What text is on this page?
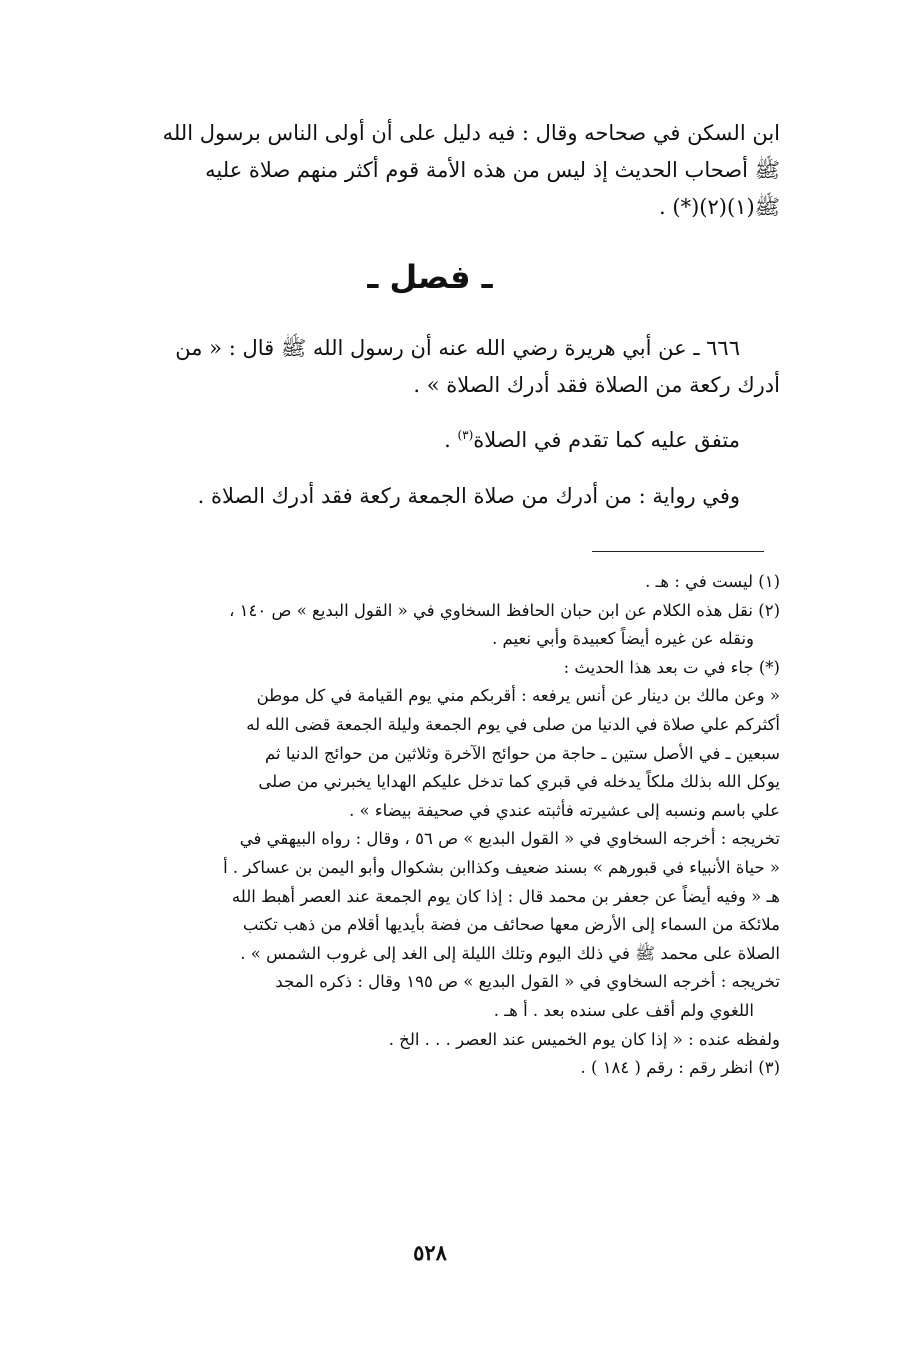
ابن السكن في صحاحه وقال : فيه دليل على أن أولى الناس برسول الله

ﷺ أصحاب الحديث إذ ليس من هذه الأمة قوم أكثر منهم صلاة عليه

ﷺ(١)(٢)(*) .

ـ فصل ـ

٦٦٦ ـ عن أبي هريرة رضي الله عنه أن رسول الله ﷺ قال : « من

أدرك ركعة من الصلاة فقد أدرك الصلاة » .

متفق عليه كما تقدم في الصلاة$^{(٣)}$ .

وفي رواية : من أدرك من صلاة الجمعة ركعة فقد أدرك الصلاة .

(١) ليست في : هـ .

(٢) نقل هذه الكلام عن ابن حبان الحافظ السخاوي في « القول البديع » ص ١٤٠ ،

ونقله عن غيره أيضاً كعبيدة وأبي نعيم .

(*) جاء في ت بعد هذا الحديث :

« وعن مالك بن دينار عن أنس يرفعه : أقربكم مني يوم القيامة في كل موطن

أكثركم علي صلاة في الدنيا من صلى في يوم الجمعة وليلة الجمعة قضى الله له

سبعين ـ في الأصل ستين ـ حاجة من حوائج الآخرة وثلاثين من حوائج الدنيا ثم

يوكل الله بذلك ملكاً يدخله في قبري كما تدخل عليكم الهدايا يخبرني من صلى

علي باسم ونسبه إلى عشيرته فأثبته عندي في صحيفة بيضاء » .

تخريجه : أخرجه السخاوي في « القول البديع » ص ٥٦ ، وقال : رواه البيهقي في

« حياة الأنبياء في قبورهم » بسند ضعيف وكذاابن بشكوال وأبو اليمن بن عساكر . أ

هـ « وفيه أيضاً عن جعفر بن محمد قال : إذا كان يوم الجمعة عند العصر أهبط الله

ملائكة من السماء إلى الأرض معها صحائف من فضة بأيديها أقلام من ذهب تكتب

الصلاة على محمد ﷺ في ذلك اليوم وتلك الليلة إلى الغد إلى غروب الشمس » .

تخريجه : أخرجه السخاوي في « القول البديع » ص ١٩٥ وقال : ذكره المجد

اللغوي ولم أقف على سنده بعد . أ هـ .

ولفظه عنده : « إذا كان يوم الخميس عند العصر . . . الخ .

(٣) انظر رقم : رقم ( ١٨٤ ) .

٥٢٨
